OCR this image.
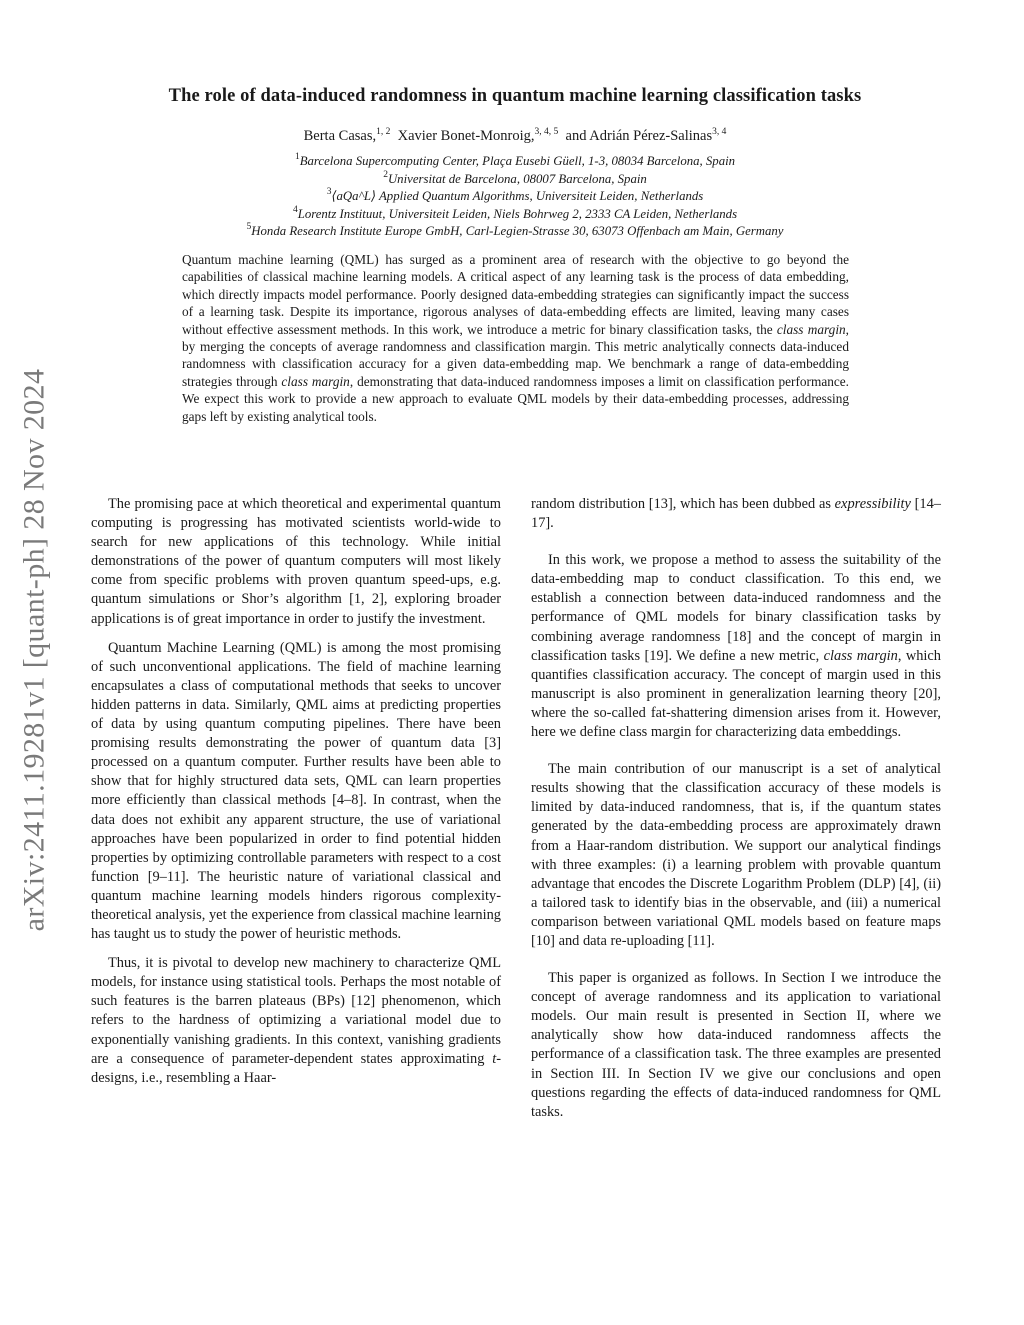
arXiv:2411.19281v1 [quant-ph] 28 Nov 2024
The role of data-induced randomness in quantum machine learning classification tasks
Berta Casas,$^{1, 2}$ Xavier Bonet-Monroig,$^{3, 4, 5}$ and Adrián Pérez-Salinas$^{3, 4}$
$^1$Barcelona Supercomputing Center, Plaça Eusebi Güell, 1-3, 08034 Barcelona, Spain
$^2$Universitat de Barcelona, 08007 Barcelona, Spain
$^3$⟨aQa^L⟩ Applied Quantum Algorithms, Universiteit Leiden, Netherlands
$^4$Lorentz Instituut, Universiteit Leiden, Niels Bohrweg 2, 2333 CA Leiden, Netherlands
$^5$Honda Research Institute Europe GmbH, Carl-Legien-Strasse 30, 63073 Offenbach am Main, Germany
Quantum machine learning (QML) has surged as a prominent area of research with the objective to go beyond the capabilities of classical machine learning models. A critical aspect of any learning task is the process of data embedding, which directly impacts model performance. Poorly designed data-embedding strategies can significantly impact the success of a learning task. Despite its importance, rigorous analyses of data-embedding effects are limited, leaving many cases without effective assessment methods. In this work, we introduce a metric for binary classification tasks, the class margin, by merging the concepts of average randomness and classification margin. This metric analytically connects data-induced randomness with classification accuracy for a given data-embedding map. We benchmark a range of data-embedding strategies through class margin, demonstrating that data-induced randomness imposes a limit on classification performance. We expect this work to provide a new approach to evaluate QML models by their data-embedding processes, addressing gaps left by existing analytical tools.

The promising pace at which theoretical and experimental quantum computing is progressing has motivated scientists world-wide to search for new applications of this technology. While initial demonstrations of the power of quantum computers will most likely come from specific problems with proven quantum speed-ups, e.g. quantum simulations or Shor’s algorithm [1, 2], exploring broader applications is of great importance in order to justify the investment.

Quantum Machine Learning (QML) is among the most promising of such unconventional applications. The field of machine learning encapsulates a class of computational methods that seeks to uncover hidden patterns in data. Similarly, QML aims at predicting properties of data by using quantum computing pipelines. There have been promising results demonstrating the power of quantum data [3] processed on a quantum computer. Further results have been able to show that for highly structured data sets, QML can learn properties more efficiently than classical methods [4–8]. In contrast, when the data does not exhibit any apparent structure, the use of variational approaches have been popularized in order to find potential hidden properties by optimizing controllable parameters with respect to a cost function [9–11]. The heuristic nature of variational classical and quantum machine learning models hinders rigorous complexity-theoretical analysis, yet the experience from classical machine learning has taught us to study the power of heuristic methods.

Thus, it is pivotal to develop new machinery to characterize QML models, for instance using statistical tools. Perhaps the most notable of such features is the barren plateaus (BPs) [12] phenomenon, which refers to the hardness of optimizing a variational model due to exponentially vanishing gradients. In this context, vanishing gradients are a consequence of parameter-dependent states approximating t-designs, i.e., resembling a Haar-

random distribution [13], which has been dubbed as expressibility [14–17].

In this work, we propose a method to assess the suitability of the data-embedding map to conduct classification. To this end, we establish a connection between data-induced randomness and the performance of QML models for binary classification tasks by combining average randomness [18] and the concept of margin in classification tasks [19]. We define a new metric, class margin, which quantifies classification accuracy. The concept of margin used in this manuscript is also prominent in generalization learning theory [20], where the so-called fat-shattering dimension arises from it. However, here we define class margin for characterizing data embeddings.

The main contribution of our manuscript is a set of analytical results showing that the classification accuracy of these models is limited by data-induced randomness, that is, if the quantum states generated by the data-embedding process are approximately drawn from a Haar-random distribution. We support our analytical findings with three examples: (i) a learning problem with provable quantum advantage that encodes the Discrete Logarithm Problem (DLP) [4], (ii) a tailored task to identify bias in the observable, and (iii) a numerical comparison between variational QML models based on feature maps [10] and data re-uploading [11].

This paper is organized as follows. In Section I we introduce the concept of average randomness and its application to variational models. Our main result is presented in Section II, where we analytically show how data-induced randomness affects the performance of a classification task. The three examples are presented in Section III. In Section IV we give our conclusions and open questions regarding the effects of data-induced randomness for QML tasks.
